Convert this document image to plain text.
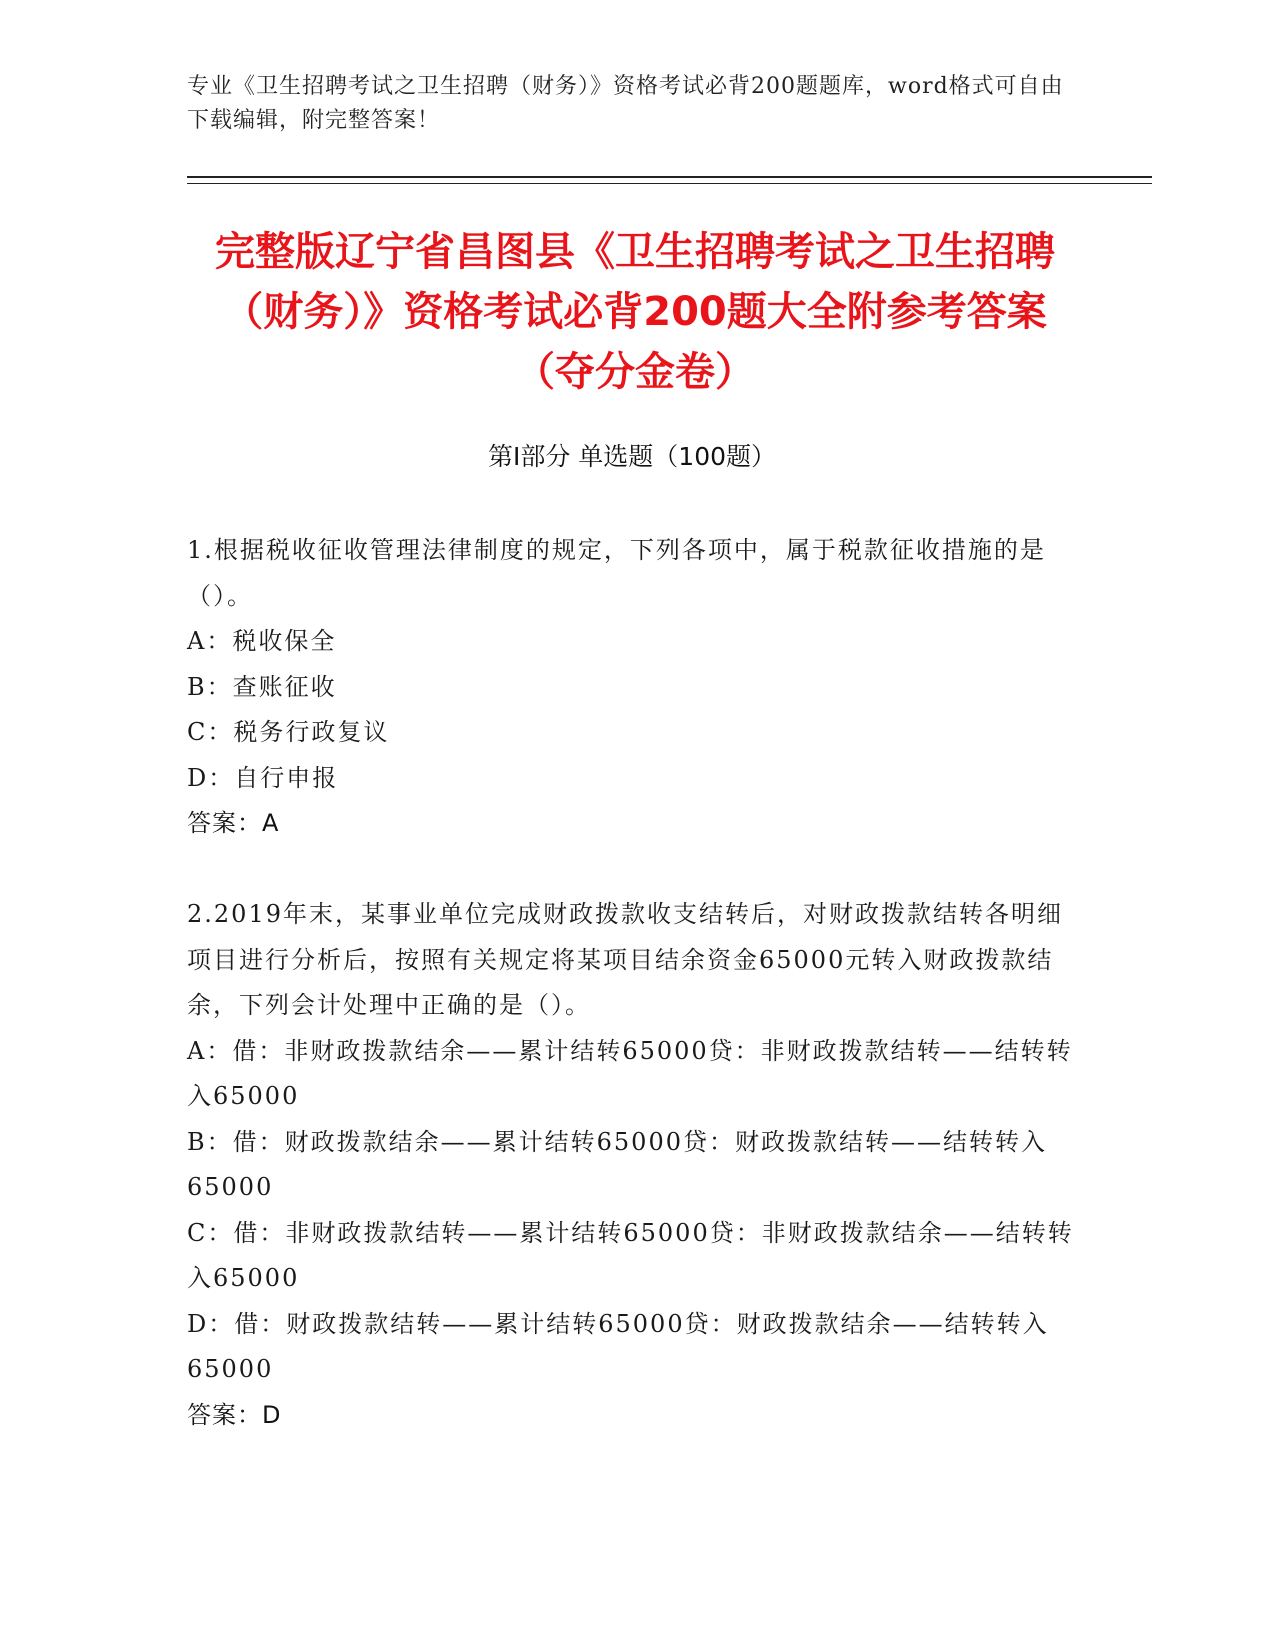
专业《卫生招聘考试之卫生招聘（财务）》资格考试必背200题题库，word格式可自由下载编辑，附完整答案！
完整版辽宁省昌图县《卫生招聘考试之卫生招聘（财务）》资格考试必背200题大全附参考答案（夺分金卷）
第Ⅰ部分 单选题（100题）

1.根据税收征收管理法律制度的规定，下列各项中，属于税款征收措施的是（）。

A：税收保全

B：查账征收

C：税务行政复议

D：自行申报

答案：A

2.2019年末，某事业单位完成财政拨款收支结转后，对财政拨款结转各明细项目进行分析后，按照有关规定将某项目结余资金65000元转入财政拨款结余，下列会计处理中正确的是（）。

A：借：非财政拨款结余——累计结转65000贷：非财政拨款结转——结转转入65000

B：借：财政拨款结余——累计结转65000贷：财政拨款结转——结转转入65000

C：借：非财政拨款结转——累计结转65000贷：非财政拨款结余——结转转入65000

D：借：财政拨款结转——累计结转65000贷：财政拨款结余——结转转入65000

答案：D
